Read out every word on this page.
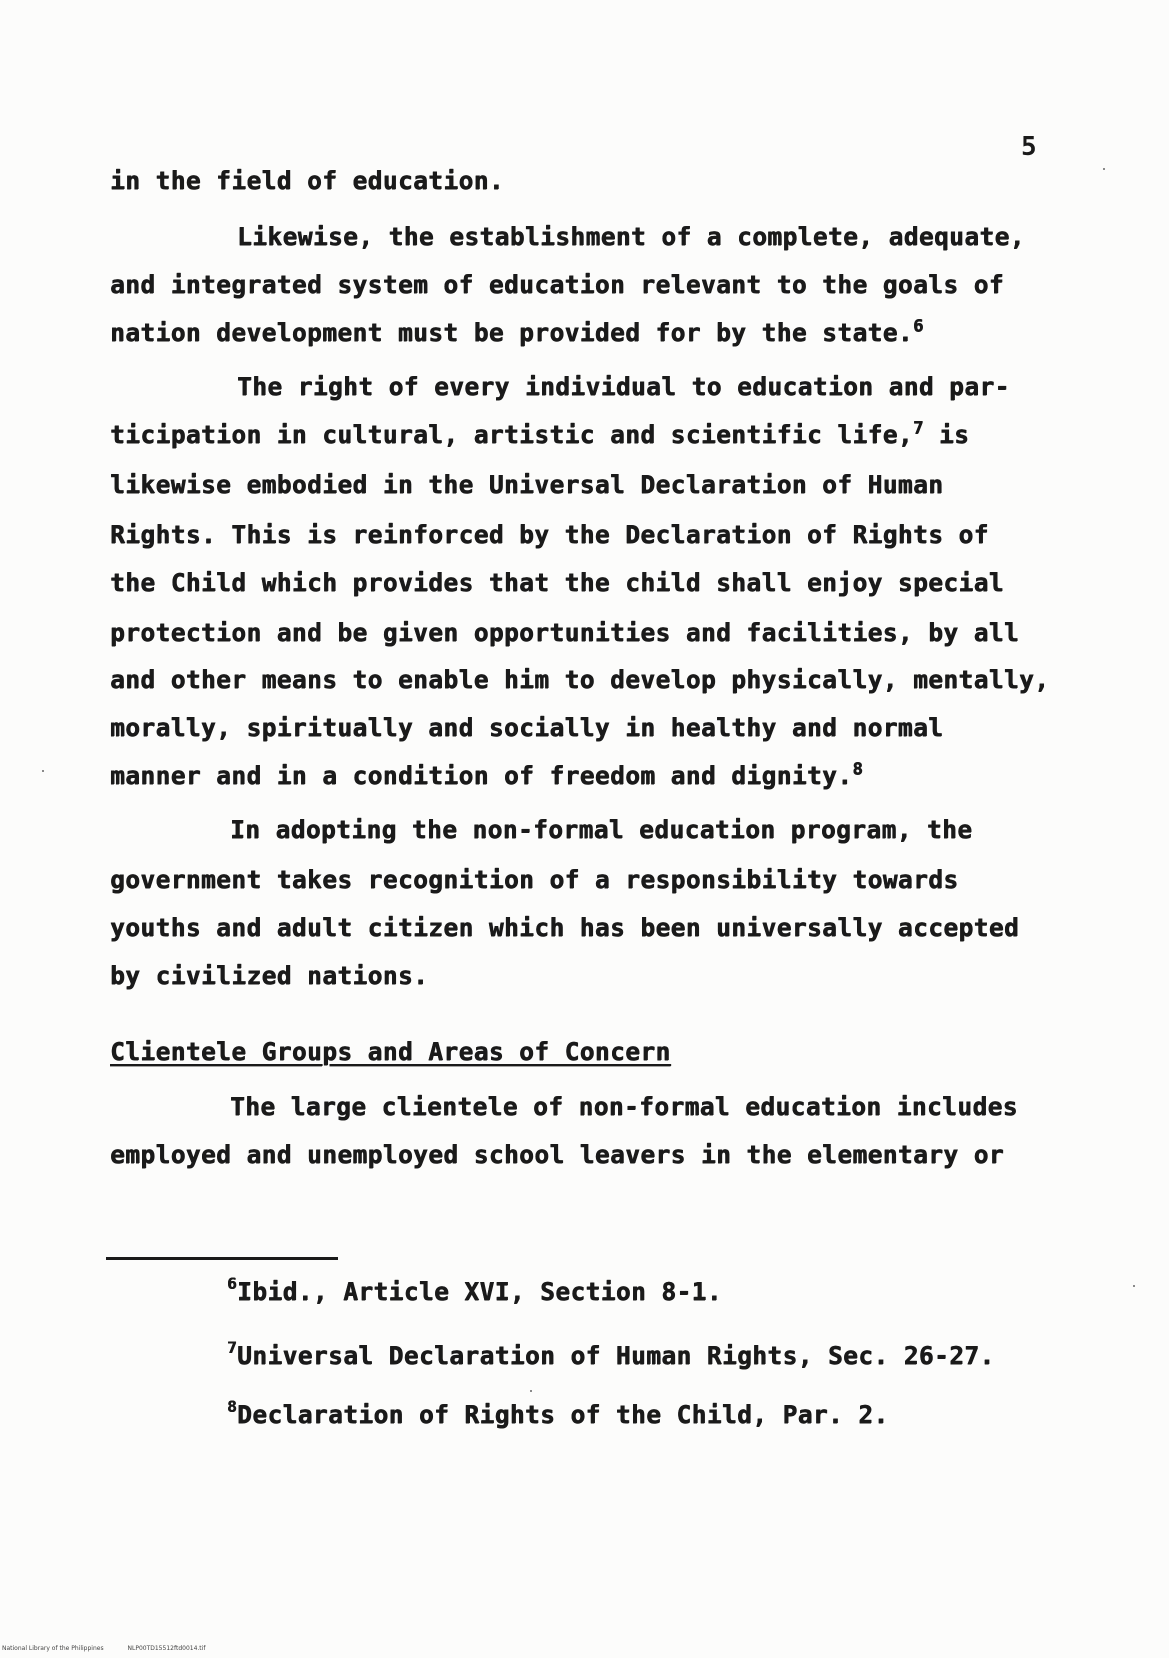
5
in the field of education.
Likewise, the establishment of a complete, adequate,
and integrated system of education relevant to the goals of
nation development must be provided for by the state.$^6$
The right of every individual to education and par-
ticipation in cultural, artistic and scientific life,$^7$ is
likewise embodied in the Universal Declaration of Human
Rights. This is reinforced by the Declaration of Rights of
the Child which provides that the child shall enjoy special
protection and be given opportunities and facilities, by all
and other means to enable him to develop physically, mentally,
morally, spiritually and socially in healthy and normal
manner and in a condition of freedom and dignity.$^8$
In adopting the non-formal education program, the
government takes recognition of a responsibility towards
youths and adult citizen which has been universally accepted
by civilized nations.
Clientele Groups and Areas of Concern
The large clientele of non-formal education includes
employed and unemployed school leavers in the elementary or
$^6$Ibid., Article XVI, Section 8-1.
$^7$Universal Declaration of Human Rights, Sec. 26-27.
$^8$Declaration of Rights of the Child, Par. 2.
National Library of the Philippines	NLP00TD15512ftd0014.tif
